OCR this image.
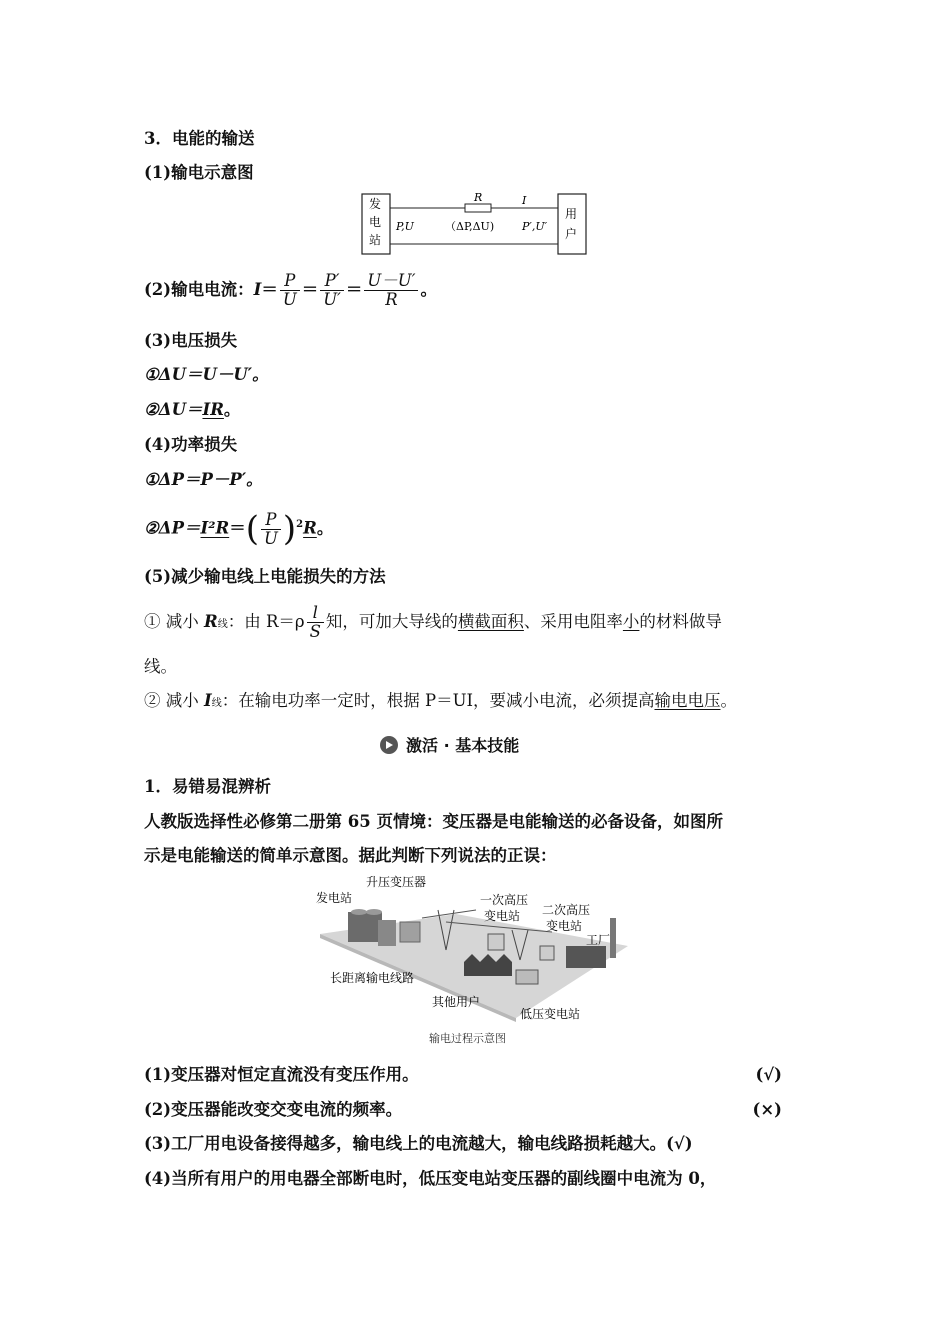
3．电能的输送
(1)输电示意图
发
电
站
用
户
R	I
P,U	（ΔP,ΔU)	P′,U′
(2)输电电流：$I= \frac{P}{U} = \frac{P'}{U'} = \frac{U-U'}{R}$ 。
(3)电压损失
①ΔU＝U－U′。
②ΔU＝IR。
(4)功率损失
①ΔP＝P－P′。
②ΔP＝I²R＝( $\frac{P}{U} )^2R$。
(5)减少输电线上电能损失的方法
① 减小 R线：由 $R=\rho \frac{l}{S}$ 知，可加大导线的横截面积、采用电阻率小的材料做导
线。
② 减小 I线：在输电功率一定时，根据 P＝UI，要减小电流，必须提高输电电压。
激活 · 基本技能
1．易错易混辨析
人教版选择性必修第二册第 65 页情境：变压器是电能输送的必备设备，如图所
示是电能输送的简单示意图。据此判断下列说法的正误：
发电站
升压变压器
一次高压
变电站 二次高压
变电站
工厂
长距离输电线路
其他用户
低压变电站
输电过程示意图
(1)变压器对恒定直流没有变压作用。	(√)
(2)变压器能改变交变电流的频率。	(×)
(3)工厂用电设备接得越多，输电线上的电流越大，输电线路损耗越大。(√)
(4)当所有用户的用电器全部断电时，低压变电站变压器的副线圈中电流为 0，
